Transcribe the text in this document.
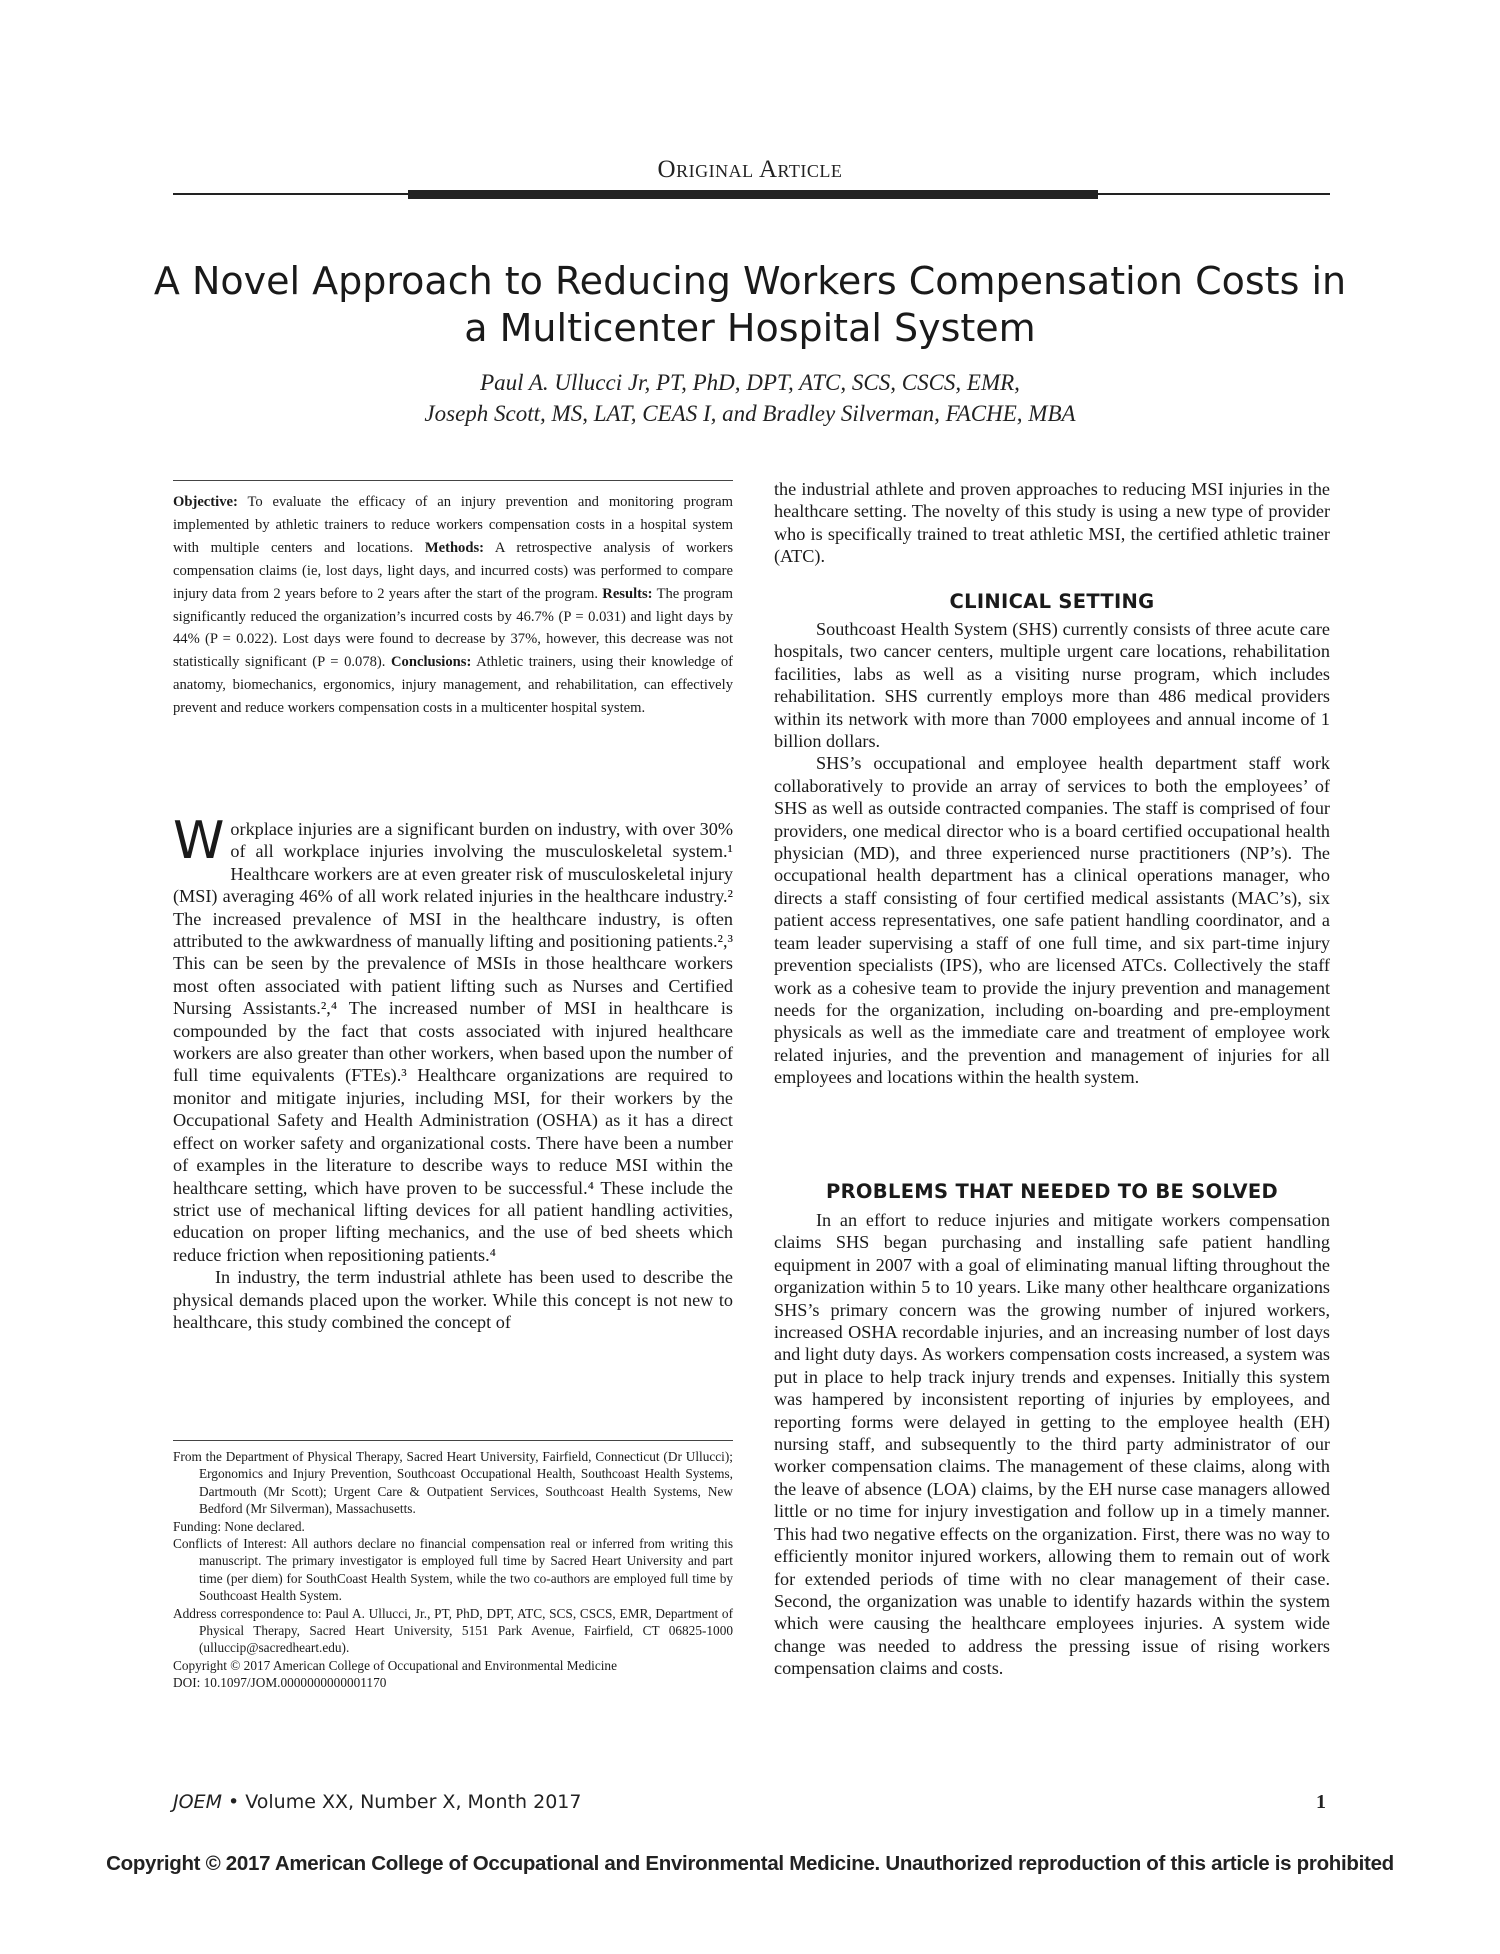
Original Article
A Novel Approach to Reducing Workers Compensation Costs in a Multicenter Hospital System
Paul A. Ullucci Jr, PT, PhD, DPT, ATC, SCS, CSCS, EMR,
Joseph Scott, MS, LAT, CEAS I, and Bradley Silverman, FACHE, MBA
Objective: To evaluate the efficacy of an injury prevention and monitoring program implemented by athletic trainers to reduce workers compensation costs in a hospital system with multiple centers and locations. Methods: A retrospective analysis of workers compensation claims (ie, lost days, light days, and incurred costs) was performed to compare injury data from 2 years before to 2 years after the start of the program. Results: The program significantly reduced the organization’s incurred costs by 46.7% (P = 0.031) and light days by 44% (P = 0.022). Lost days were found to decrease by 37%, however, this decrease was not statistically significant (P = 0.078). Conclusions: Athletic trainers, using their knowledge of anatomy, biomechanics, ergonomics, injury management, and rehabilitation, can effectively prevent and reduce workers compensation costs in a multicenter hospital system.

Workplace injuries are a significant burden on industry, with over 30% of all workplace injuries involving the musculoskeletal system.¹ Healthcare workers are at even greater risk of musculoskeletal injury (MSI) averaging 46% of all work related injuries in the healthcare industry.² The increased prevalence of MSI in the healthcare industry, is often attributed to the awkwardness of manually lifting and positioning patients.²,³ This can be seen by the prevalence of MSIs in those healthcare workers most often associated with patient lifting such as Nurses and Certified Nursing Assistants.²,⁴ The increased number of MSI in healthcare is compounded by the fact that costs associated with injured healthcare workers are also greater than other workers, when based upon the number of full time equivalents (FTEs).³ Healthcare organizations are required to monitor and mitigate injuries, including MSI, for their workers by the Occupational Safety and Health Administration (OSHA) as it has a direct effect on worker safety and organizational costs. There have been a number of examples in the literature to describe ways to reduce MSI within the healthcare setting, which have proven to be successful.⁴ These include the strict use of mechanical lifting devices for all patient handling activities, education on proper lifting mechanics, and the use of bed sheets which reduce friction when repositioning patients.⁴

In industry, the term industrial athlete has been used to describe the physical demands placed upon the worker. While this concept is not new to healthcare, this study combined the concept of

From the Department of Physical Therapy, Sacred Heart University, Fairfield, Connecticut (Dr Ullucci); Ergonomics and Injury Prevention, Southcoast Occupational Health, Southcoast Health Systems, Dartmouth (Mr Scott); Urgent Care & Outpatient Services, Southcoast Health Systems, New Bedford (Mr Silverman), Massachusetts.

Funding: None declared.

Conflicts of Interest: All authors declare no financial compensation real or inferred from writing this manuscript. The primary investigator is employed full time by Sacred Heart University and part time (per diem) for SouthCoast Health System, while the two co-authors are employed full time by Southcoast Health System.

Address correspondence to: Paul A. Ullucci, Jr., PT, PhD, DPT, ATC, SCS, CSCS, EMR, Department of Physical Therapy, Sacred Heart University, 5151 Park Avenue, Fairfield, CT 06825-1000 (ulluccip@sacredheart.edu).

Copyright © 2017 American College of Occupational and Environmental Medicine

DOI: 10.1097/JOM.0000000000001170

the industrial athlete and proven approaches to reducing MSI injuries in the healthcare setting. The novelty of this study is using a new type of provider who is specifically trained to treat athletic MSI, the certified athletic trainer (ATC).

CLINICAL SETTING

Southcoast Health System (SHS) currently consists of three acute care hospitals, two cancer centers, multiple urgent care locations, rehabilitation facilities, labs as well as a visiting nurse program, which includes rehabilitation. SHS currently employs more than 486 medical providers within its network with more than 7000 employees and annual income of 1 billion dollars.

SHS’s occupational and employee health department staff work collaboratively to provide an array of services to both the employees’ of SHS as well as outside contracted companies. The staff is comprised of four providers, one medical director who is a board certified occupational health physician (MD), and three experienced nurse practitioners (NP’s). The occupational health department has a clinical operations manager, who directs a staff consisting of four certified medical assistants (MAC’s), six patient access representatives, one safe patient handling coordinator, and a team leader supervising a staff of one full time, and six part-time injury prevention specialists (IPS), who are licensed ATCs. Collectively the staff work as a cohesive team to provide the injury prevention and management needs for the organization, including on-boarding and pre-employment physicals as well as the immediate care and treatment of employee work related injuries, and the prevention and management of injuries for all employees and locations within the health system.

PROBLEMS THAT NEEDED TO BE SOLVED

In an effort to reduce injuries and mitigate workers compensation claims SHS began purchasing and installing safe patient handling equipment in 2007 with a goal of eliminating manual lifting throughout the organization within 5 to 10 years. Like many other healthcare organizations SHS’s primary concern was the growing number of injured workers, increased OSHA recordable injuries, and an increasing number of lost days and light duty days. As workers compensation costs increased, a system was put in place to help track injury trends and expenses. Initially this system was hampered by inconsistent reporting of injuries by employees, and reporting forms were delayed in getting to the employee health (EH) nursing staff, and subsequently to the third party administrator of our worker compensation claims. The management of these claims, along with the leave of absence (LOA) claims, by the EH nurse case managers allowed little or no time for injury investigation and follow up in a timely manner. This had two negative effects on the organization. First, there was no way to efficiently monitor injured workers, allowing them to remain out of work for extended periods of time with no clear management of their case. Second, the organization was unable to identify hazards within the system which were causing the healthcare employees injuries. A system wide change was needed to address the pressing issue of rising workers compensation claims and costs.

JOEM • Volume XX, Number X, Month 2017	1
Copyright © 2017 American College of Occupational and Environmental Medicine. Unauthorized reproduction of this article is prohibited
